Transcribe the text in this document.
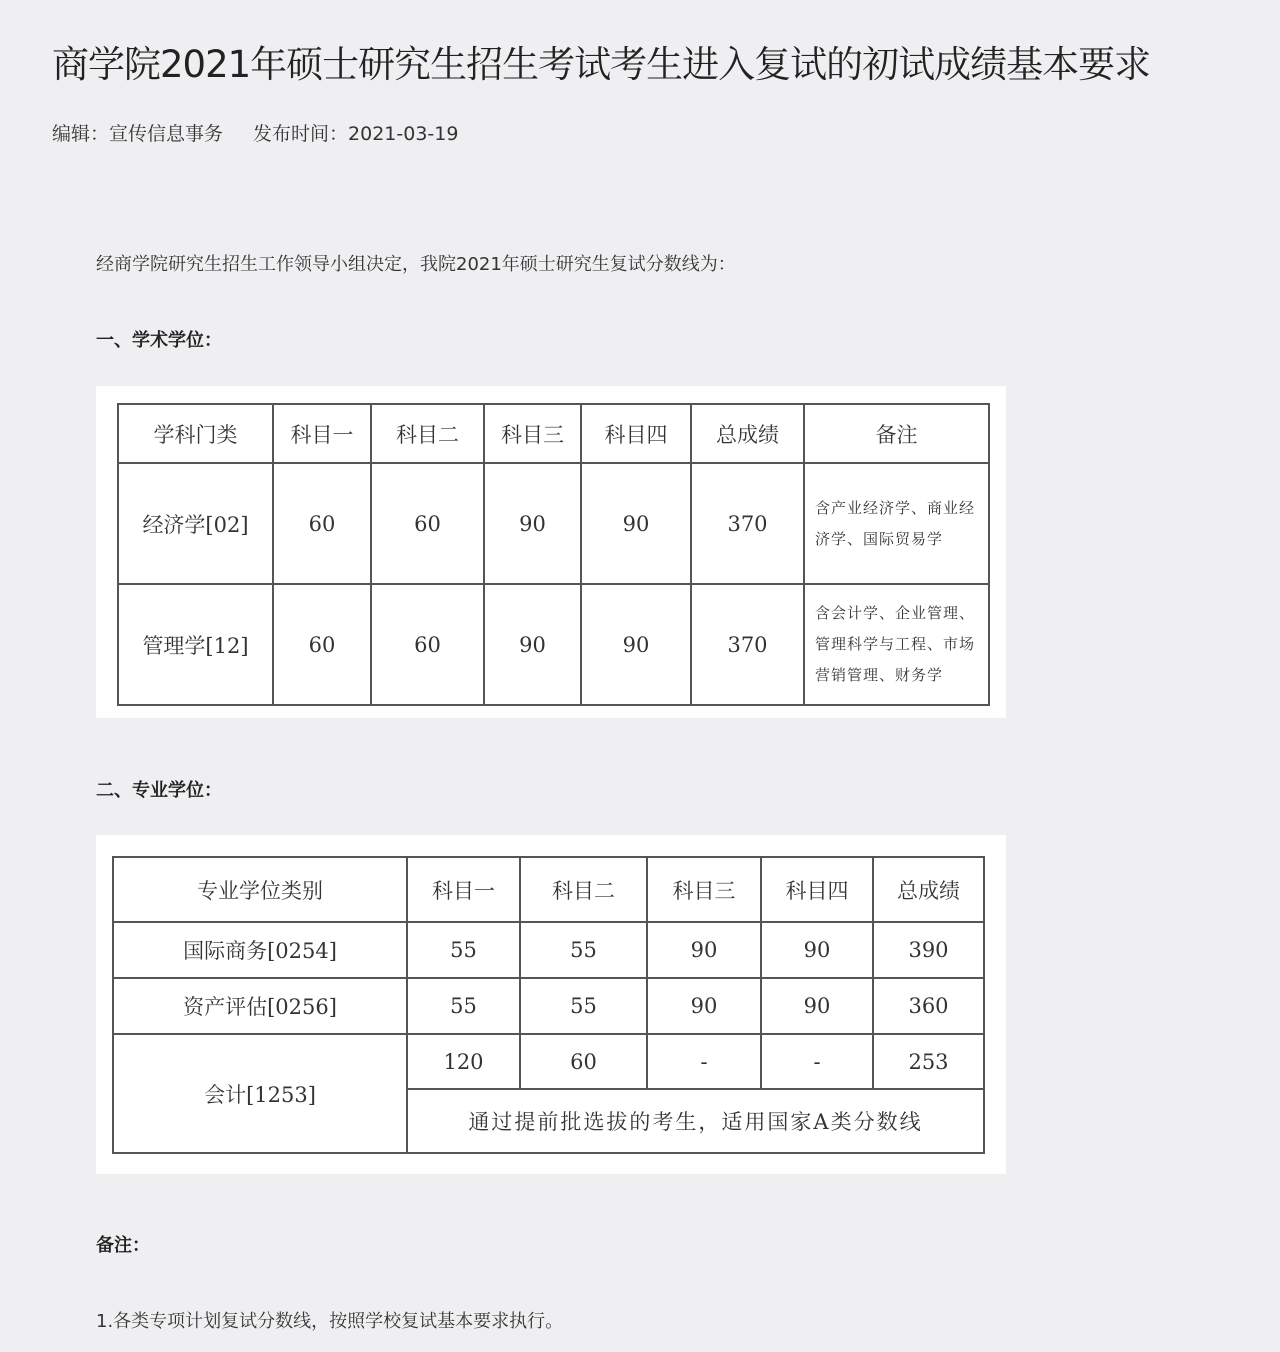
商学院2021年硕士研究生招生考试考生进入复试的初试成绩基本要求
编辑：宣传信息事务 发布时间：2021-03-19
经商学院研究生招生工作领导小组决定，我院2021年硕士研究生复试分数线为：
一、学术学位：
学科门类	科目一	科目二	科目三	科目四	总成绩	备注
经济学[02]	60	60	90	90	370	含产业经济学、商业经济学、国际贸易学
管理学[12]	60	60	90	90	370	含会计学、企业管理、管理科学与工程、市场营销管理、财务学
二、专业学位：
专业学位类别	科目一	科目二	科目三	科目四	总成绩
国际商务[0254]	55	55	90	90	390
资产评估[0256]	55	55	90	90	360
会计[1253]	120	60	-	-	253
	通过提前批选拔的考生，适用国家A类分数线				
备注：
1.各类专项计划复试分数线，按照学校复试基本要求执行。
